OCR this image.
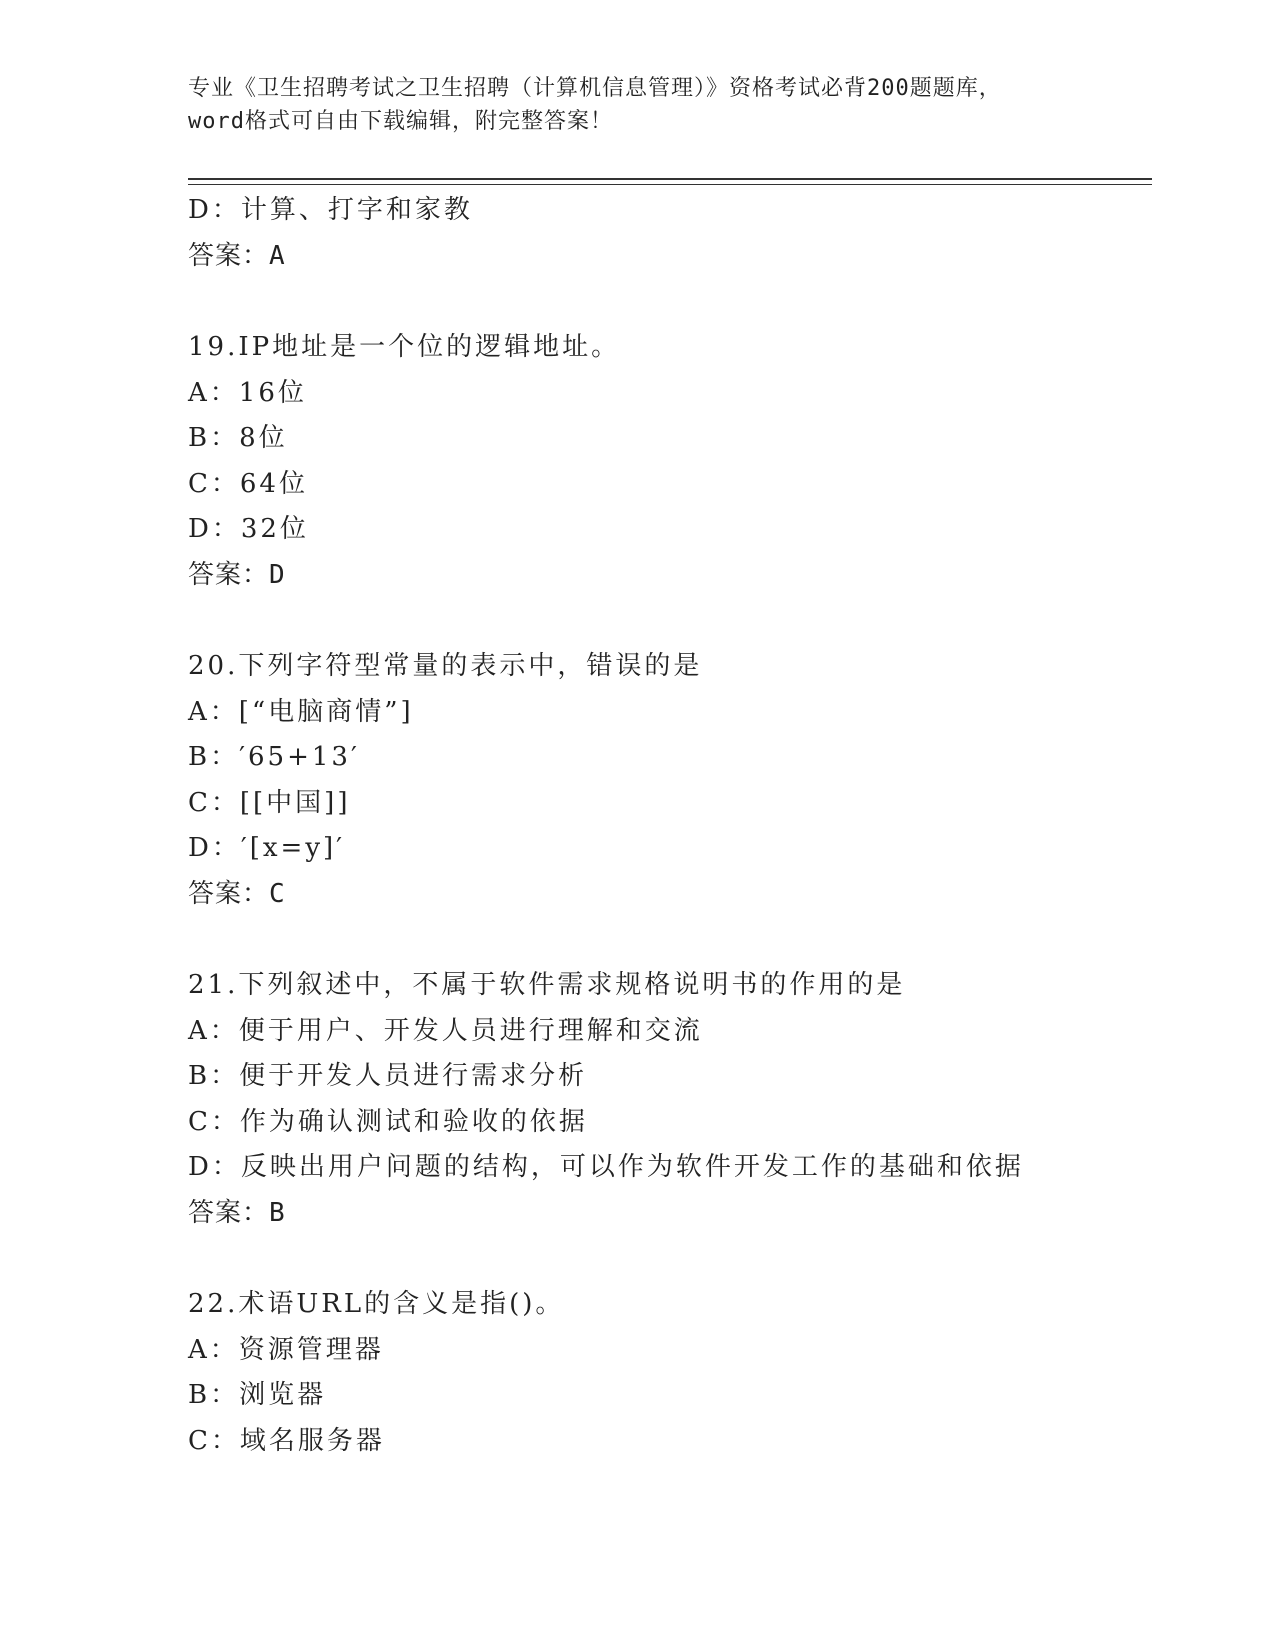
专业《卫生招聘考试之卫生招聘（计算机信息管理）》资格考试必背200题题库，
word格式可自由下载编辑，附完整答案！
D：计算、打字和家教
答案：A
19.IP地址是一个位的逻辑地址。
A：16位
B：8位
C：64位
D：32位
答案：D
20.下列字符型常量的表示中，错误的是
A：[“电脑商情”]
B：′65+13′
C：[[中国]]
D：′[x=y]′
答案：C
21.下列叙述中，不属于软件需求规格说明书的作用的是
A：便于用户、开发人员进行理解和交流
B：便于开发人员进行需求分析
C：作为确认测试和验收的依据
D：反映出用户问题的结构，可以作为软件开发工作的基础和依据
答案：B
22.术语URL的含义是指()。
A：资源管理器
B：浏览器
C：域名服务器
